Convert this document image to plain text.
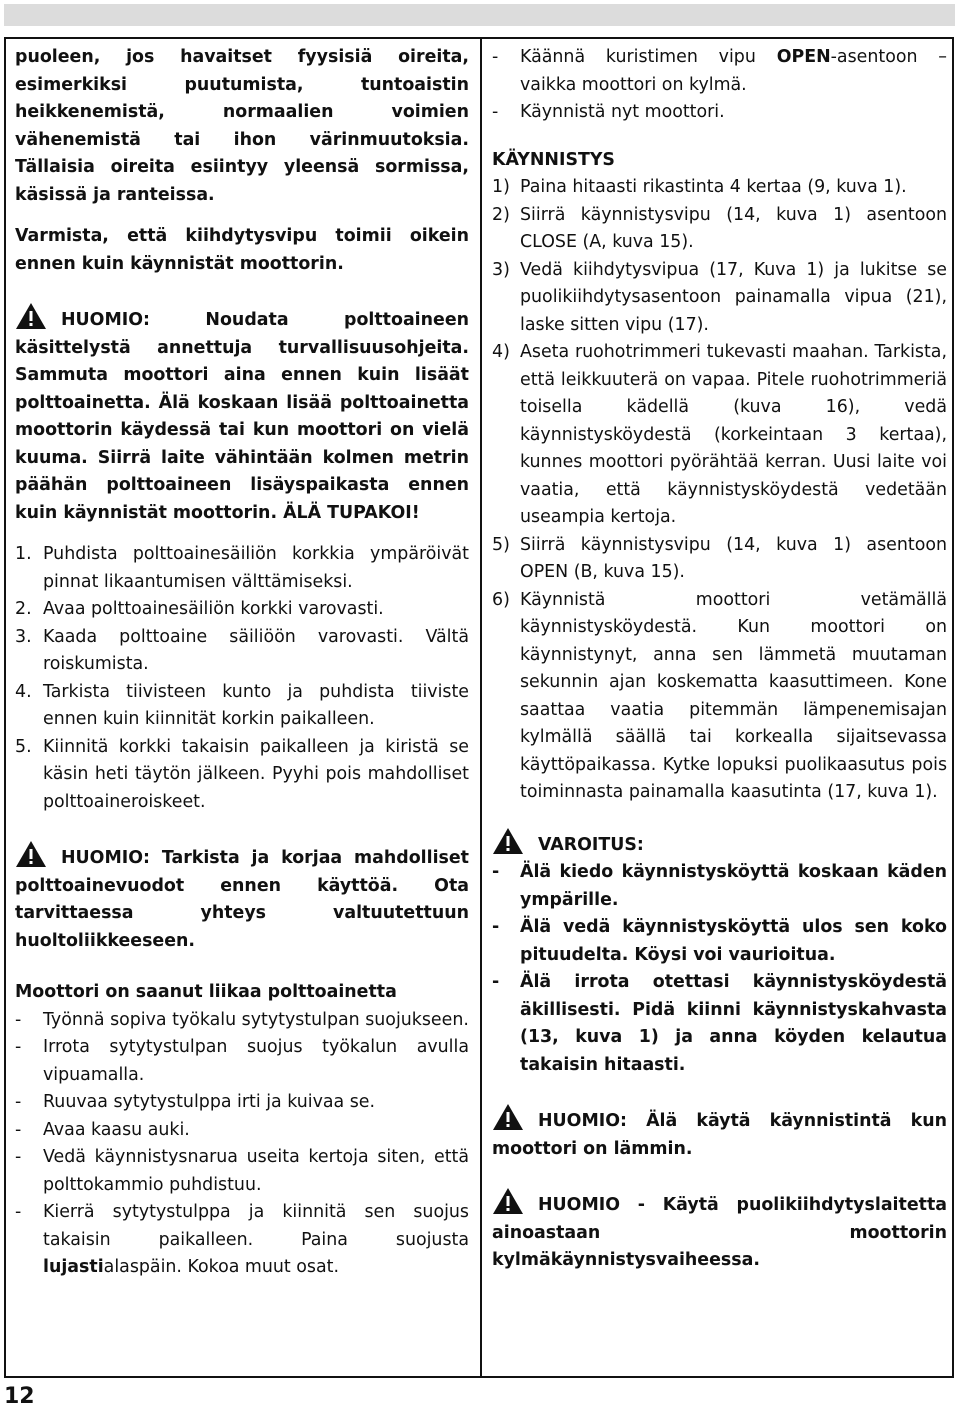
puoleen, jos havaitset fyysisiä oireita, esimerkiksi puutumista, tuntoaistin heikkenemistä, normaalien voimien vähenemistä tai ihon värinmuutoksia. Tällaisia oireita esiintyy yleensä sormissa, käsissä ja ranteissa.

Varmista, että kiihdytysvipu toimii oikein ennen kuin käynnistät moottorin.

HUOMIO: Noudata polttoaineen käsittelystä annettuja turvallisuusohjeita. Sammuta moottori aina ennen kuin lisäät polttoainetta. Älä koskaan lisää polttoainetta moottorin käydessä tai kun moottori on vielä kuuma. Siirrä laite vähintään kolmen metrin päähän polttoaineen lisäyspaikasta ennen kuin käynnistät moottorin. ÄLÄ TUPAKOI!

1. Puhdista polttoainesäiliön korkkia ympäröivät pinnat likaantumisen välttämiseksi.
2. Avaa polttoainesäiliön korkki varovasti.
3. Kaada polttoaine säiliöön varovasti. Vältä roiskumista.
4. Tarkista tiivisteen kunto ja puhdista tiiviste ennen kuin kiinnität korkin paikalleen.
5. Kiinnitä korkki takaisin paikalleen ja kiristä se käsin heti täytön jälkeen. Pyyhi pois mahdolliset polttoaineroiskeet.

HUOMIO: Tarkista ja korjaa mahdolliset polttoainevuodot ennen käyttöä. Ota tarvittaessa yhteys valtuutettuun huoltoliikkeeseen.

Moottori on saanut liikaa polttoainetta
-	Työnnä sopiva työkalu sytytystulpan suojukseen.
-	Irrota sytytystulpan suojus työkalun avulla vipuamalla.
-	Ruuvaa sytytystulppa irti ja kuivaa se.
-	Avaa kaasu auki.
-	Vedä käynnistysnarua useita kertoja siten, että polttokammio puhdistuu.
-	Kierrä sytytystulppa ja kiinnitä sen suojus takaisin paikalleen. Paina suojusta lujastialaspäin. Kokoa muut osat.
-	Käännä kuristimen vipu OPEN-asentoon – vaikka moottori on kylmä.
-	Käynnistä nyt moottori.
KÄYNNISTYS
1) Paina hitaasti rikastinta 4 kertaa (9, kuva 1).
2) Siirrä käynnistysvipu (14, kuva 1) asentoon CLOSE (A, kuva 15).
3) Vedä kiihdytysvipua (17, Kuva 1) ja lukitse se puolikiihdytysasentoon painamalla vipua (21), laske sitten vipu (17).
4) Aseta ruohotrimmeri tukevasti maahan. Tarkista, että leikkuuterä on vapaa. Pitele ruohotrimmeriä toisella kädellä (kuva 16), vedä käynnistysköydestä (korkeintaan 3 kertaa), kunnes moottori pyörähtää kerran. Uusi laite voi vaatia, että käynnistysköydestä vedetään useampia kertoja.
5) Siirrä käynnistysvipu (14, kuva 1) asentoon OPEN (B, kuva 15).
6) Käynnistä moottori vetämällä käynnistysköydestä. Kun moottori on käynnistynyt, anna sen lämmetä muutaman sekunnin ajan koskematta kaasuttimeen. Kone saattaa vaatia pitemmän lämpenemisajan kylmällä säällä tai korkealla sijaitsevassa käyttöpaikassa. Kytke lopuksi puolikaasutus pois toiminnasta painamalla kaasutinta (17, kuva 1).

VAROITUS:

-	Älä kiedo käynnistysköyttä koskaan käden ympärille.
-	Älä vedä käynnistysköyttä ulos sen koko pituudelta. Köysi voi vaurioitua.
-	Älä irrota otettasi käynnistysköydestä äkillisesti. Pidä kiinni käynnistyskahvasta (13, kuva 1) ja anna köyden kelautua takaisin hitaasti.

HUOMIO: Älä käytä käynnistintä kun moottori on lämmin.

HUOMIO - Käytä puolikiihdytyslaitetta ainoastaan moottorin kylmäkäynnistysvaiheessa.

12
